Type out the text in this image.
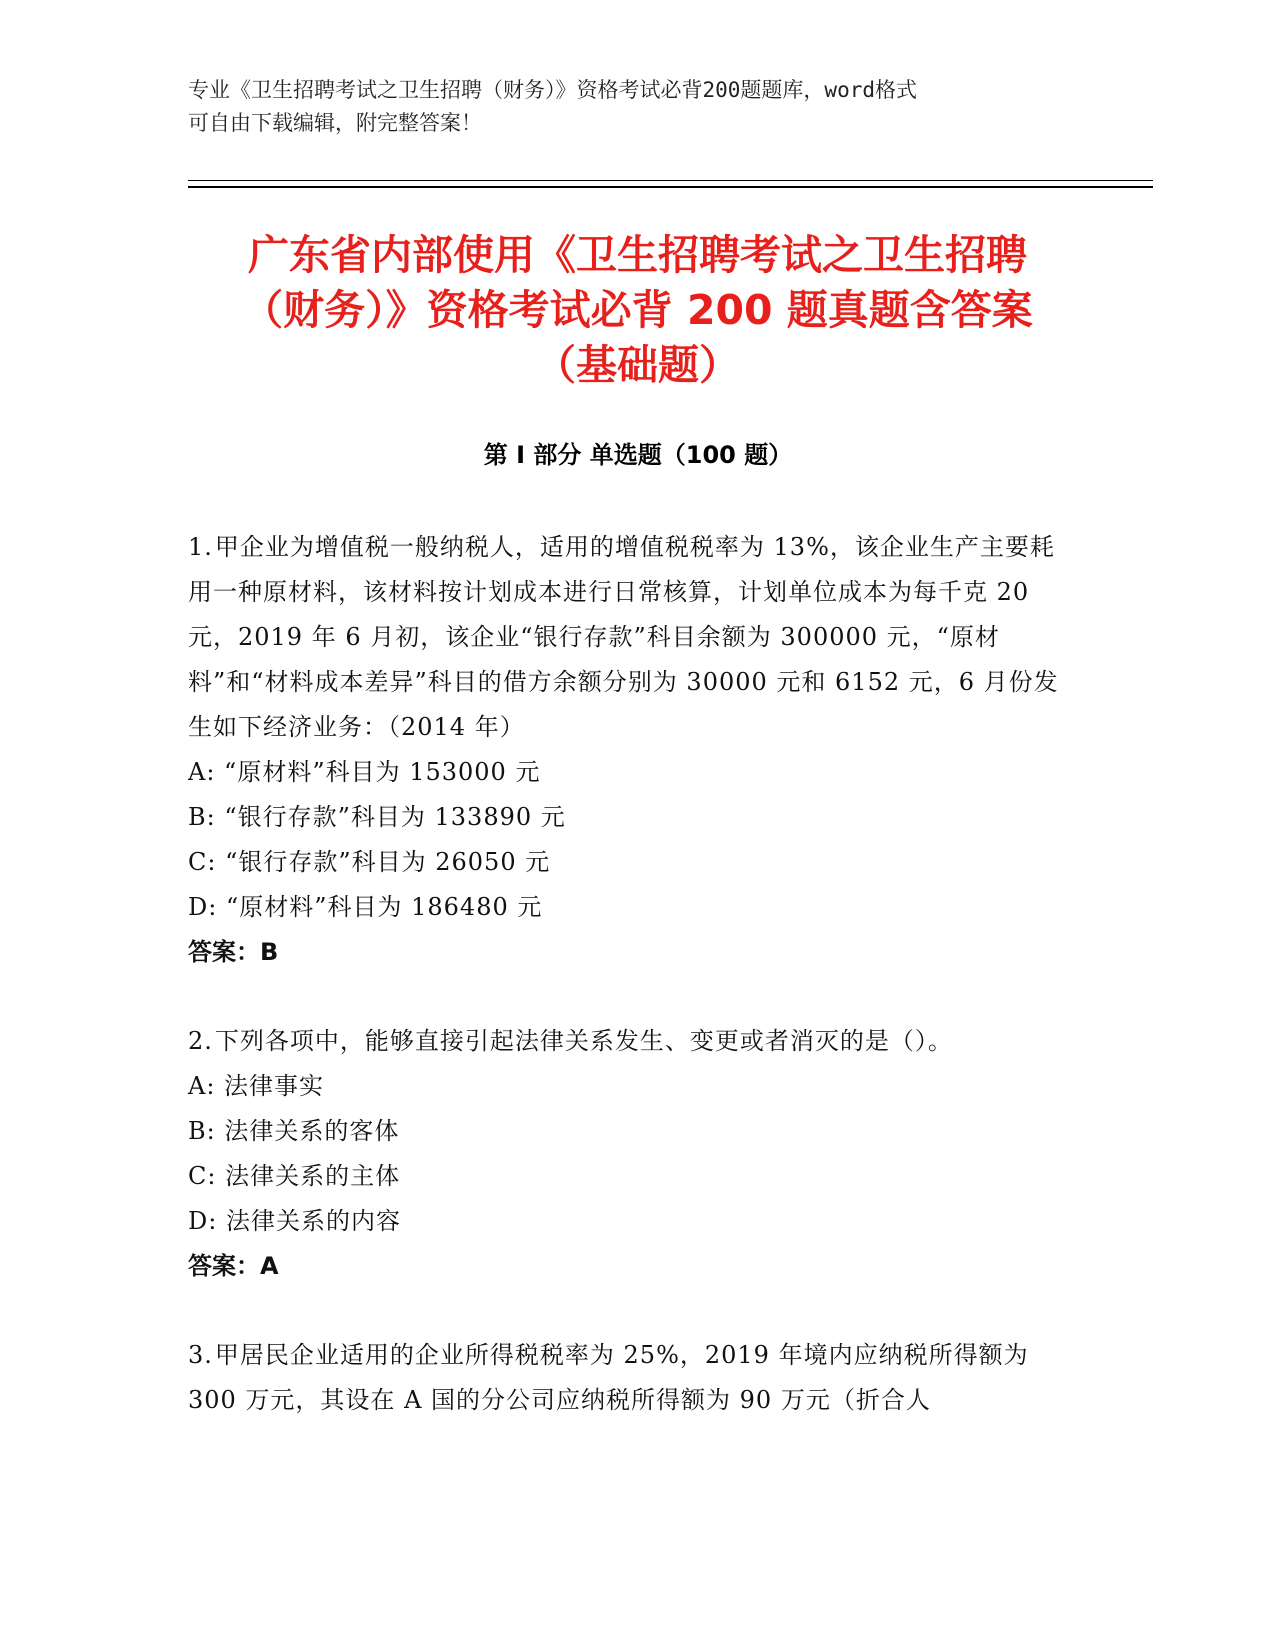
专业《卫生招聘考试之卫生招聘（财务）》资格考试必背200题题库，word格式
可自由下载编辑，附完整答案！
广东省内部使用《卫生招聘考试之卫生招聘
（财务）》资格考试必背 200 题真题含答案
（基础题）
第 I 部分 单选题（100 题）
1.甲企业为增值税一般纳税人，适用的增值税税率为 13%，该企业生产主要耗用一种原材料，该材料按计划成本进行日常核算，计划单位成本为每千克 20 元，2019 年 6 月初，该企业“银行存款”科目余额为 300000 元，“原材料”和“材料成本差异”科目的借方余额分别为 30000 元和 6152 元，6 月份发生如下经济业务：（2014 年）
A: “原材料”科目为 153000 元
B: “银行存款”科目为 133890 元
C: “银行存款”科目为 26050 元
D: “原材料”科目为 186480 元
答案：B
2.下列各项中，能够直接引起法律关系发生、变更或者消灭的是（）。
A: 法律事实
B: 法律关系的客体
C: 法律关系的主体
D: 法律关系的内容
答案：A
3.甲居民企业适用的企业所得税税率为 25%，2019 年境内应纳税所得额为 300 万元，其设在 A 国的分公司应纳税所得额为 90 万元（折合人
